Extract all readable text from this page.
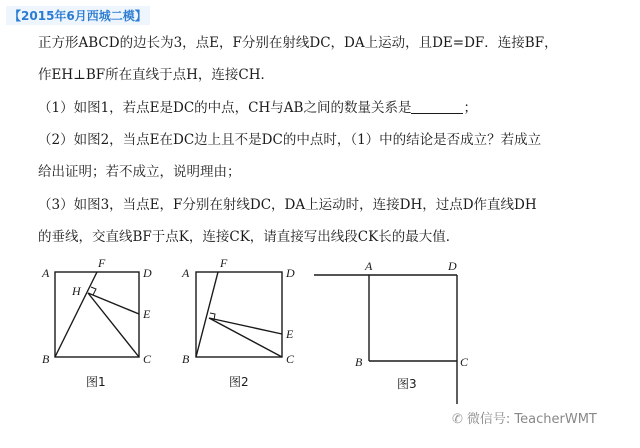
【2015年6月西城二模】
正方形ABCD的边长为3，点E，F分别在射线DC，DA上运动，且DE=DF．连接BF，
作EH⊥BF所在直线于点H，连接CH．
（1）如图1，若点E是DC的中点，CH与AB之间的数量关系是	；
（2）如图2，当点E在DC边上且不是DC的中点时，（1）中的结论是否成立？若成立
给出证明；若不成立，说明理由；
（3）如图3，当点E，F分别在射线DC，DA上运动时，连接DH，过点D作直线DH
的垂线，交直线BF于点K，连接CK，请直接写出线段CK长的最大值．
A
B	C
D
E
F
H
图1
A
B	C
D
E
F
图2
A
B	C
D
图3
✆ 微信号: TeacherWMT
